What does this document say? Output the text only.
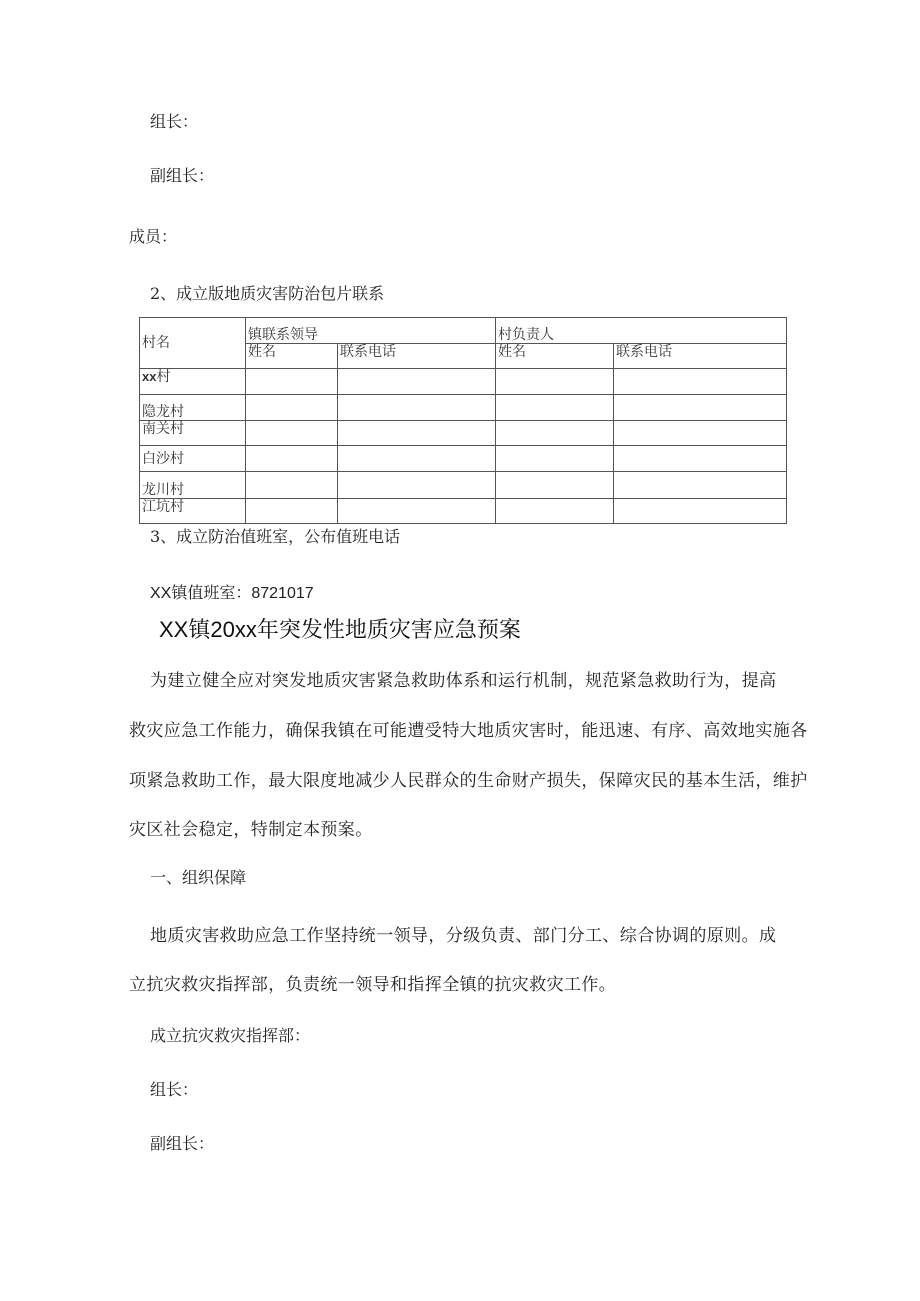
组长：
副组长：
成员：
2、成立版地质灾害防治包片联系
村名	镇联系领导		村负责人	
	姓名	联系电话	姓名	联系电话
xx村				
隐龙村				
南关村				
白沙村				
龙川村				
江坑村				
3、成立防治值班室，公布值班电话
XX镇值班室：8721017
XX镇20xx年突发性地质灾害应急预案
为建立健全应对突发地质灾害紧急救助体系和运行机制，规范紧急救助行为，提高
救灾应急工作能力，确保我镇在可能遭受特大地质灾害时，能迅速、有序、高效地实施各
项紧急救助工作，最大限度地减少人民群众的生命财产损失，保障灾民的基本生活，维护
灾区社会稳定，特制定本预案。
一、组织保障
地质灾害救助应急工作坚持统一领导，分级负责、部门分工、综合协调的原则。成
立抗灾救灾指挥部，负责统一领导和指挥全镇的抗灾救灾工作。
成立抗灾救灾指挥部：
组长：
副组长：
